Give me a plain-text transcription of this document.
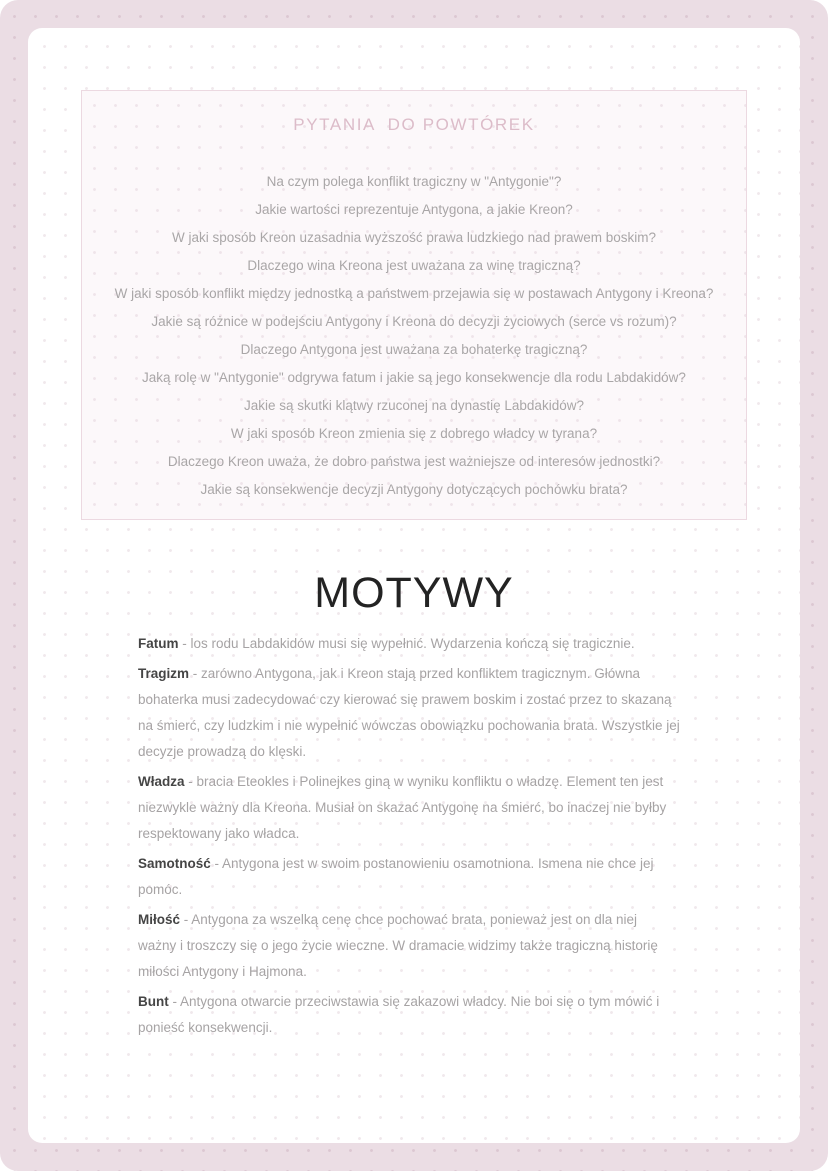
PYTANIA  DO POWTÓREK
Na czym polega konflikt tragiczny w "Antygonie"?
Jakie wartości reprezentuje Antygona, a jakie Kreon?
W jaki sposób Kreon uzasadnia wyższość prawa ludzkiego nad prawem boskim?
Dlaczego wina Kreona jest uważana za winę tragiczną?
W jaki sposób konflikt między jednostką a państwem przejawia się w postawach Antygony i Kreona?
Jakie są różnice w podejściu Antygony i Kreona do decyzji życiowych (serce vs rozum)?
Dlaczego Antygona jest uważana za bohaterkę tragiczną?
Jaką rolę w "Antygonie" odgrywa fatum i jakie są jego konsekwencje dla rodu Labdakidów?
Jakie są skutki klątwy rzuconej na dynastię Labdakidów?
W jaki sposób Kreon zmienia się z dobrego władcy w tyrana?
Dlaczego Kreon uważa, że dobro państwa jest ważniejsze od interesów jednostki?
Jakie są konsekwencje decyzji Antygony dotyczących pochówku brata?
MOTYWY

Fatum - los rodu Labdakidów musi się wypełnić. Wydarzenia kończą się tragicznie.

Tragizm - zarówno Antygona, jak i Kreon stają przed konfliktem tragicznym. Główna
bohaterka musi zadecydować czy kierować się prawem boskim i zostać przez to skazaną
na śmierć, czy ludzkim i nie wypełnić wówczas obowiązku pochowania brata. Wszystkie jej
decyzje prowadzą do klęski.

Władza - bracia Eteokles i Polinejkes giną w wyniku konfliktu o władzę. Element ten jest
niezwykle ważny dla Kreona. Musiał on skazać Antygonę na śmierć, bo inaczej nie byłby
respektowany jako władca.

Samotność - Antygona jest w swoim postanowieniu osamotniona. Ismena nie chce jej
pomóc.

Miłość - Antygona za wszelką cenę chce pochować brata, ponieważ jest on dla niej
ważny i troszczy się o jego życie wieczne. W dramacie widzimy także tragiczną historię
miłości Antygony i Hajmona.

Bunt - Antygona otwarcie przeciwstawia się zakazowi władcy. Nie boi się o tym mówić i
ponieść konsekwencji.
